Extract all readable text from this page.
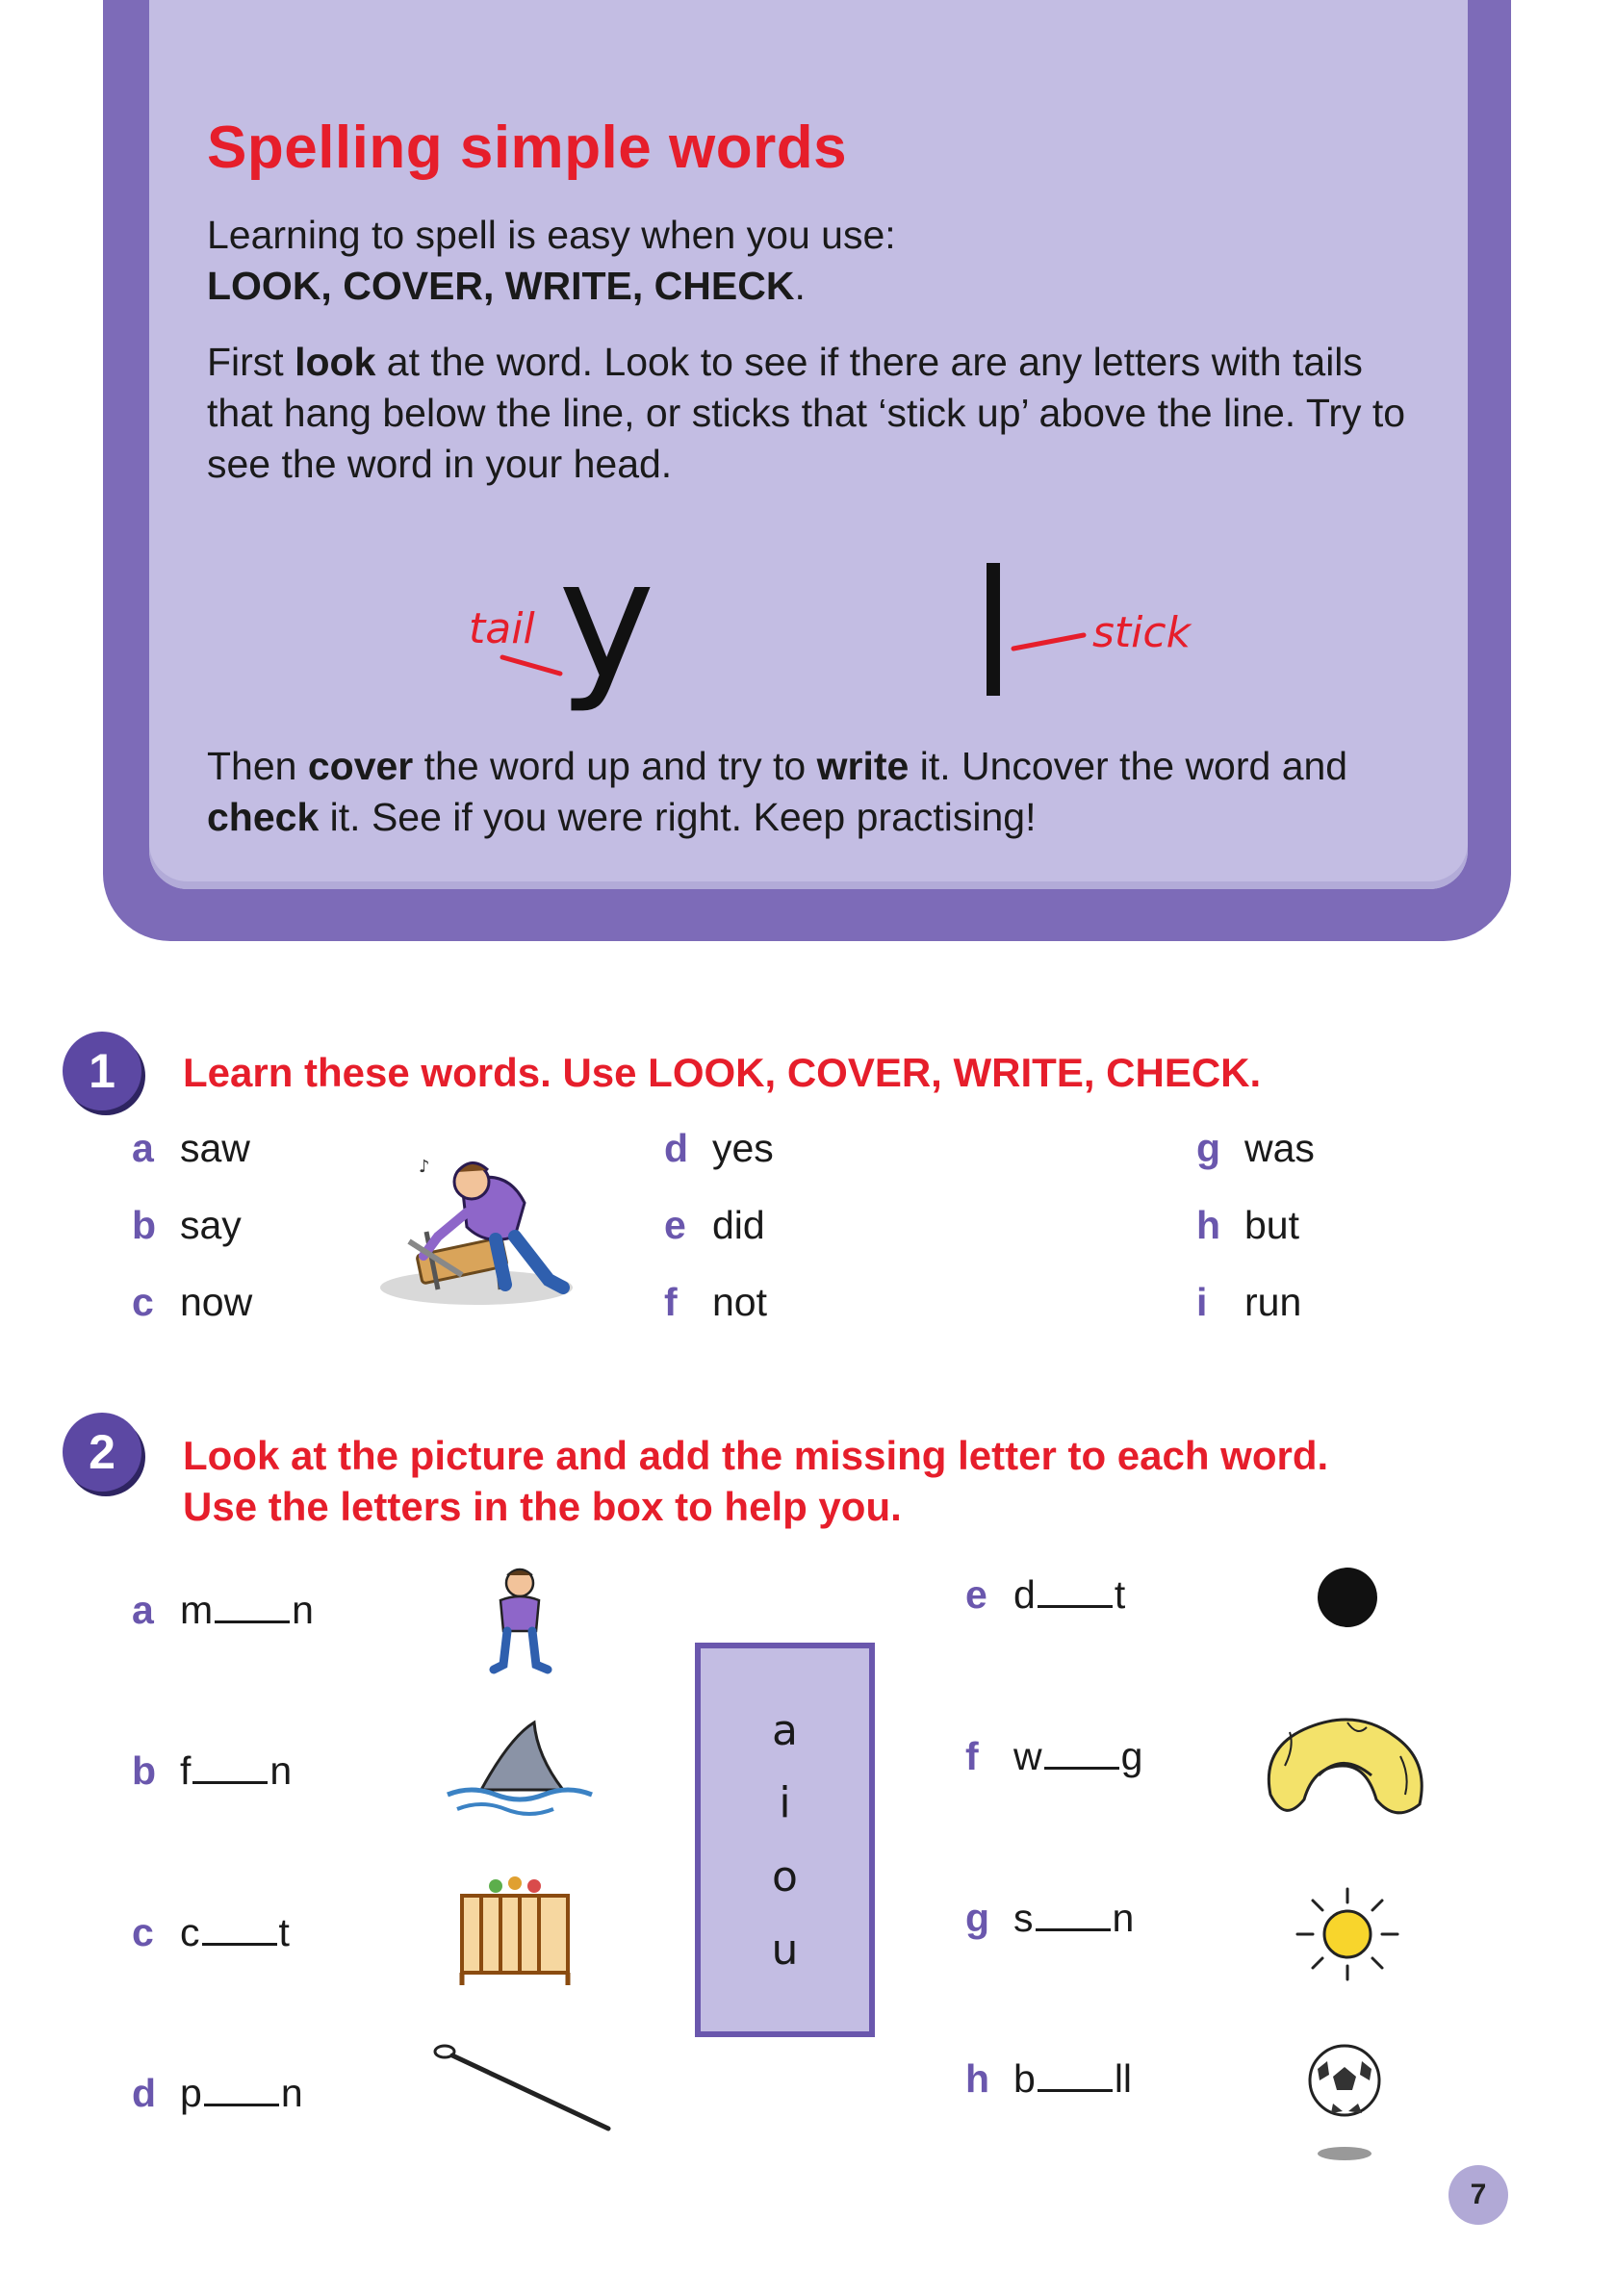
Spelling simple words

Learning to spell is easy when you use:
LOOK, COVER, WRITE, CHECK.

First look at the word. Look to see if there are any letters with tails that hang below the line, or sticks that ‘stick up’ above the line. Try to see the word in your head.

tail y	stick

Then cover the word up and try to write it. Uncover the word and check it. See if you were right. Keep practising!

1	Learn these words. Use LOOK, COVER, WRITE, CHECK.

a saw
b say
c now
d yes
e did
f not
g was
h but
i run
♪
2	Look at the picture and add the missing letter to each word.
Use the letters in the box to help you.

a m n
b f n
c c t
d p n
e d t
f w g
g s n
h b ll
a
i
o
u
7
